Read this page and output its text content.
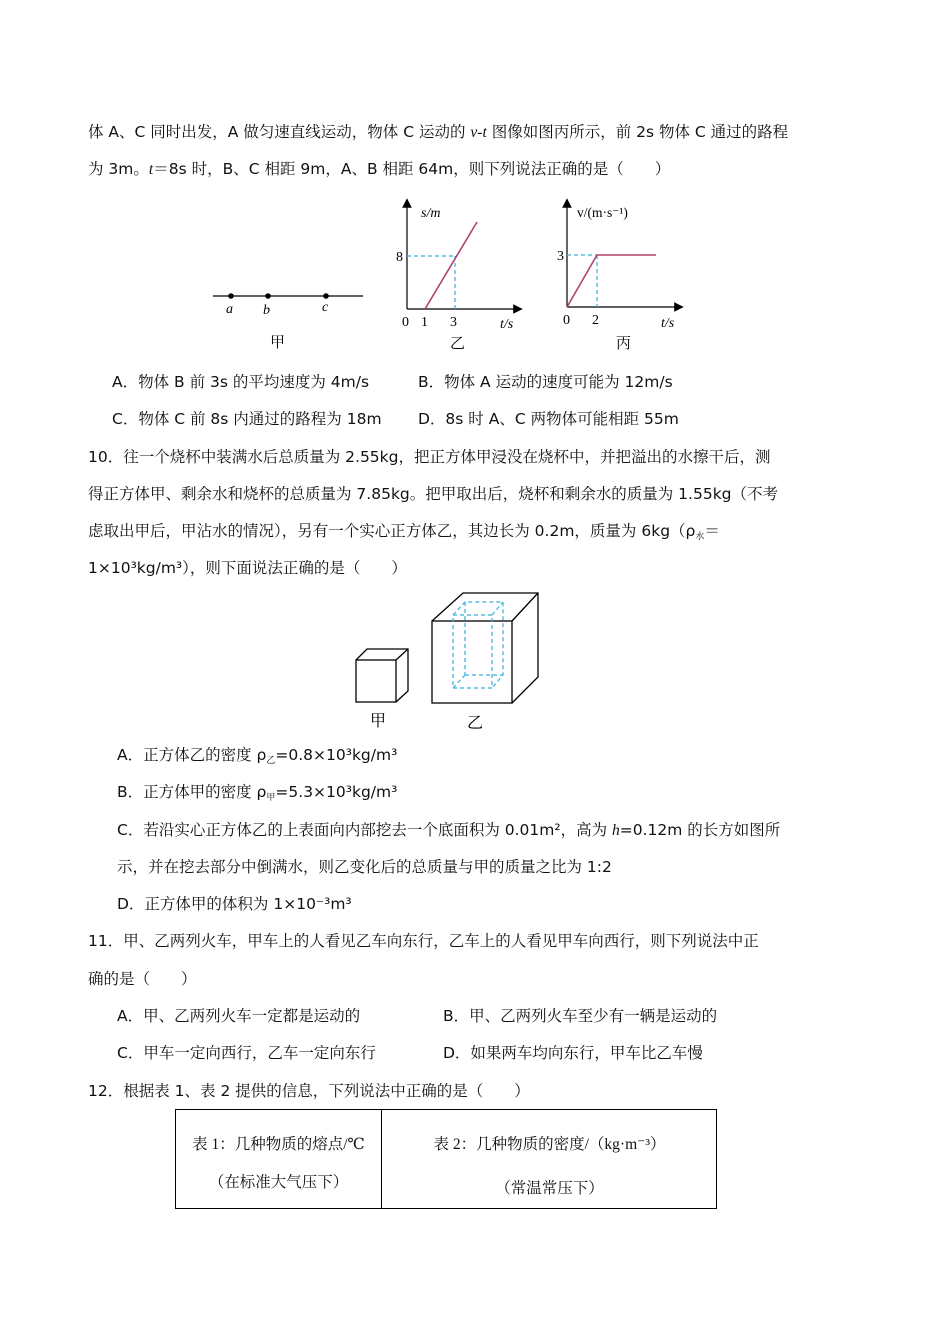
体 A、C 同时出发，A 做匀速直线运动，物体 C 运动的 v-t 图像如图丙所示，前 2s 物体 C 通过的路程
为 3m。t＝8s 时，B、C 相距 9m，A、B 相距 64m，则下列说法正确的是（　　）
a b	c
甲
s/m
8
0 1 3	t/s
乙
v/(m·s⁻¹)
3
0 2	t/s
丙
A．物体 B 前 3s 的平均速度为 4m/s	B．物体 A 运动的速度可能为 12m/s
C．物体 C 前 8s 内通过的路程为 18m D．8s 时 A、C 两物体可能相距 55m
10．往一个烧杯中装满水后总质量为 2.55kg，把正方体甲浸没在烧杯中，并把溢出的水擦干后，测
得正方体甲、剩余水和烧杯的总质量为 7.85kg。把甲取出后，烧杯和剩余水的质量为 1.55kg（不考
虑取出甲后，甲沾水的情况），另有一个实心正方体乙，其边长为 0.2m，质量为 $6kg(\rho_水=$
1×10³kg/m³），则下面说法正确的是（　　）
甲	乙
A．正方体乙的密度 $\rho_乙=0.8\times 10^3kg/m^3$
B．正方体甲的密度 $\rho_甲=5.3\times 10^3kg/m^3$
C．若沿实心正方体乙的上表面向内部挖去一个底面积为 0.01m²，高为 h=0.12m 的长方如图所
示，并在挖去部分中倒满水，则乙变化后的总质量与甲的质量之比为 1:2
D．正方体甲的体积为 1×10⁻³m³
11．甲、乙两列火车，甲车上的人看见乙车向东行，乙车上的人看见甲车向西行，则下列说法中正
确的是（　　）
A．甲、乙两列火车一定都是运动的	B．甲、乙两列火车至少有一辆是运动的
C．甲车一定向西行，乙车一定向东行	D．如果两车均向东行，甲车比乙车慢
12．根据表 1、表 2 提供的信息，下列说法中正确的是（　　）
表 1：几种物质的熔点/℃
（在标准大气压下）
表 2：几种物质的密度/（kg·m⁻³）
（常温常压下）
